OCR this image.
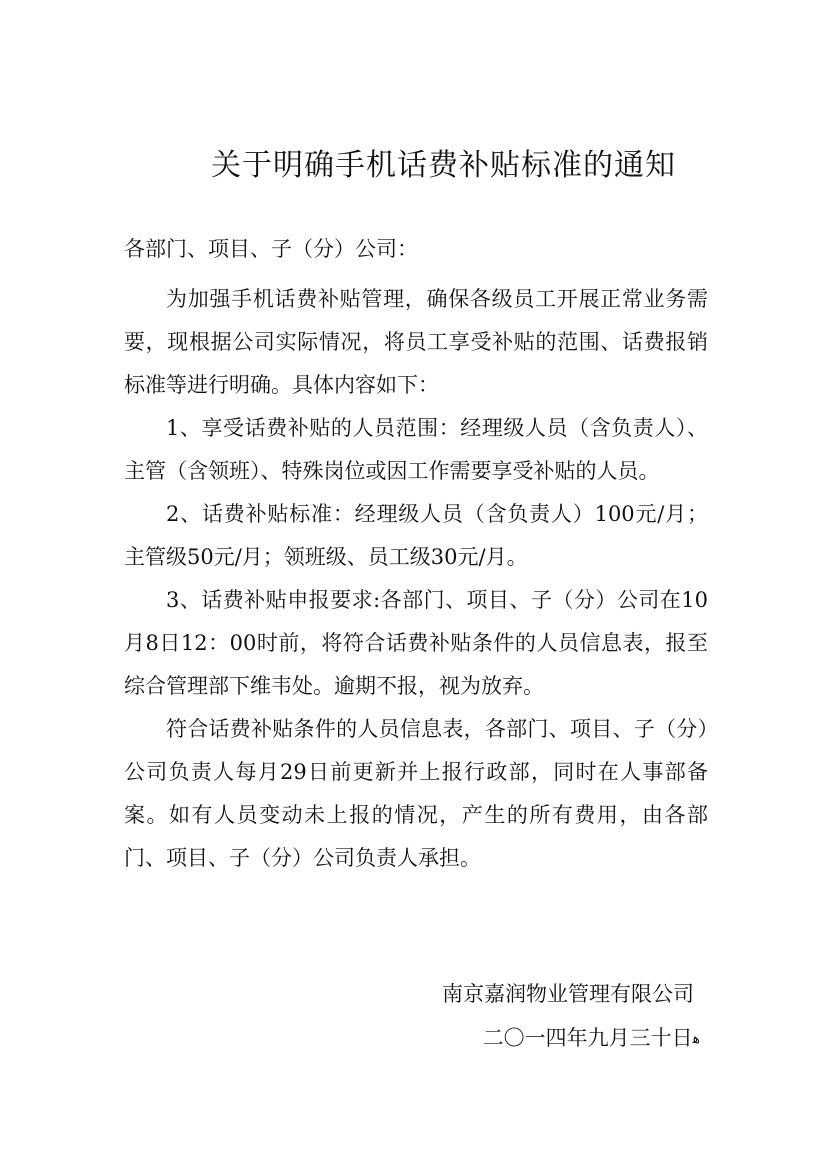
关于明确手机话费补贴标准的通知
各部门、项目、子（分）公司：

为加强手机话费补贴管理，确保各级员工开展正常业务需要，现根据公司实际情况，将员工享受补贴的范围、话费报销标准等进行明确。具体内容如下：

1、享受话费补贴的人员范围：经理级人员（含负责人）、主管（含领班）、特殊岗位或因工作需要享受补贴的人员。

2、话费补贴标准：经理级人员（含负责人）100元/月；主管级50元/月；领班级、员工级30元/月。

3、话费补贴申报要求:各部门、项目、子（分）公司在10月8日12：00时前，将符合话费补贴条件的人员信息表，报至综合管理部下维韦处。逾期不报，视为放弃。

符合话费补贴条件的人员信息表，各部门、项目、子（分）公司负责人每月29日前更新并上报行政部，同时在人事部备案。如有人员变动未上报的情况，产生的所有费用，由各部门、项目、子（分）公司负责人承担。

南京嘉润物业管理有限公司
二〇一四年九月三十日ﻫ
